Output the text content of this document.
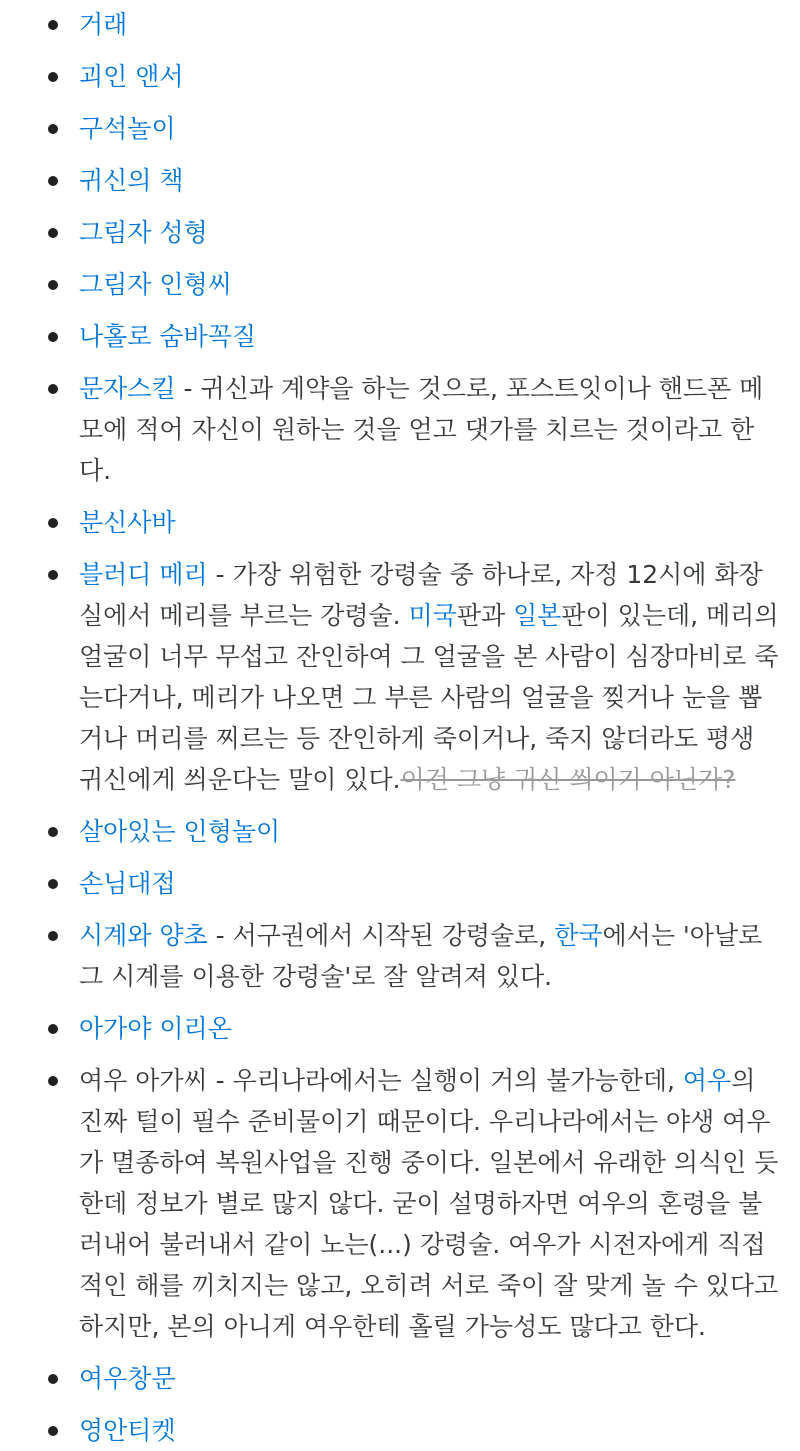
거래
괴인 앤서
구석놀이
귀신의 책
그림자 성형
그림자 인형씨
나홀로 숨바꼭질
문자스킬 - 귀신과 계약을 하는 것으로, 포스트잇이나 핸드폰 메모에 적어 자신이 원하는 것을 얻고 댓가를 치르는 것이라고 한다.
분신사바
블러디 메리 - 가장 위험한 강령술 중 하나로, 자정 12시에 화장실에서 메리를 부르는 강령술. 미국판과 일본판이 있는데, 메리의 얼굴이 너무 무섭고 잔인하여 그 얼굴을 본 사람이 심장마비로 죽는다거나, 메리가 나오면 그 부른 사람의 얼굴을 찢거나 눈을 뽑거나 머리를 찌르는 등 잔인하게 죽이거나, 죽지 않더라도 평생 귀신에게 씌운다는 말이 있다.이건 그냥 귀신 씌이기 아닌가?
살아있는 인형놀이
손님대접
시계와 양초 - 서구권에서 시작된 강령술로, 한국에서는 '아날로그 시계를 이용한 강령술'로 잘 알려져 있다.
아가야 이리온
여우 아가씨 - 우리나라에서는 실행이 거의 불가능한데, 여우의 진짜 털이 필수 준비물이기 때문이다. 우리나라에서는 야생 여우가 멸종하여 복원사업을 진행 중이다. 일본에서 유래한 의식인 듯한데 정보가 별로 많지 않다. 굳이 설명하자면 여우의 혼령을 불러내어 불러내서 같이 노는(...) 강령술. 여우가 시전자에게 직접적인 해를 끼치지는 않고, 오히려 서로 죽이 잘 맞게 놀 수 있다고 하지만, 본의 아니게 여우한테 홀릴 가능성도 많다고 한다.
여우창문
영안티켓
